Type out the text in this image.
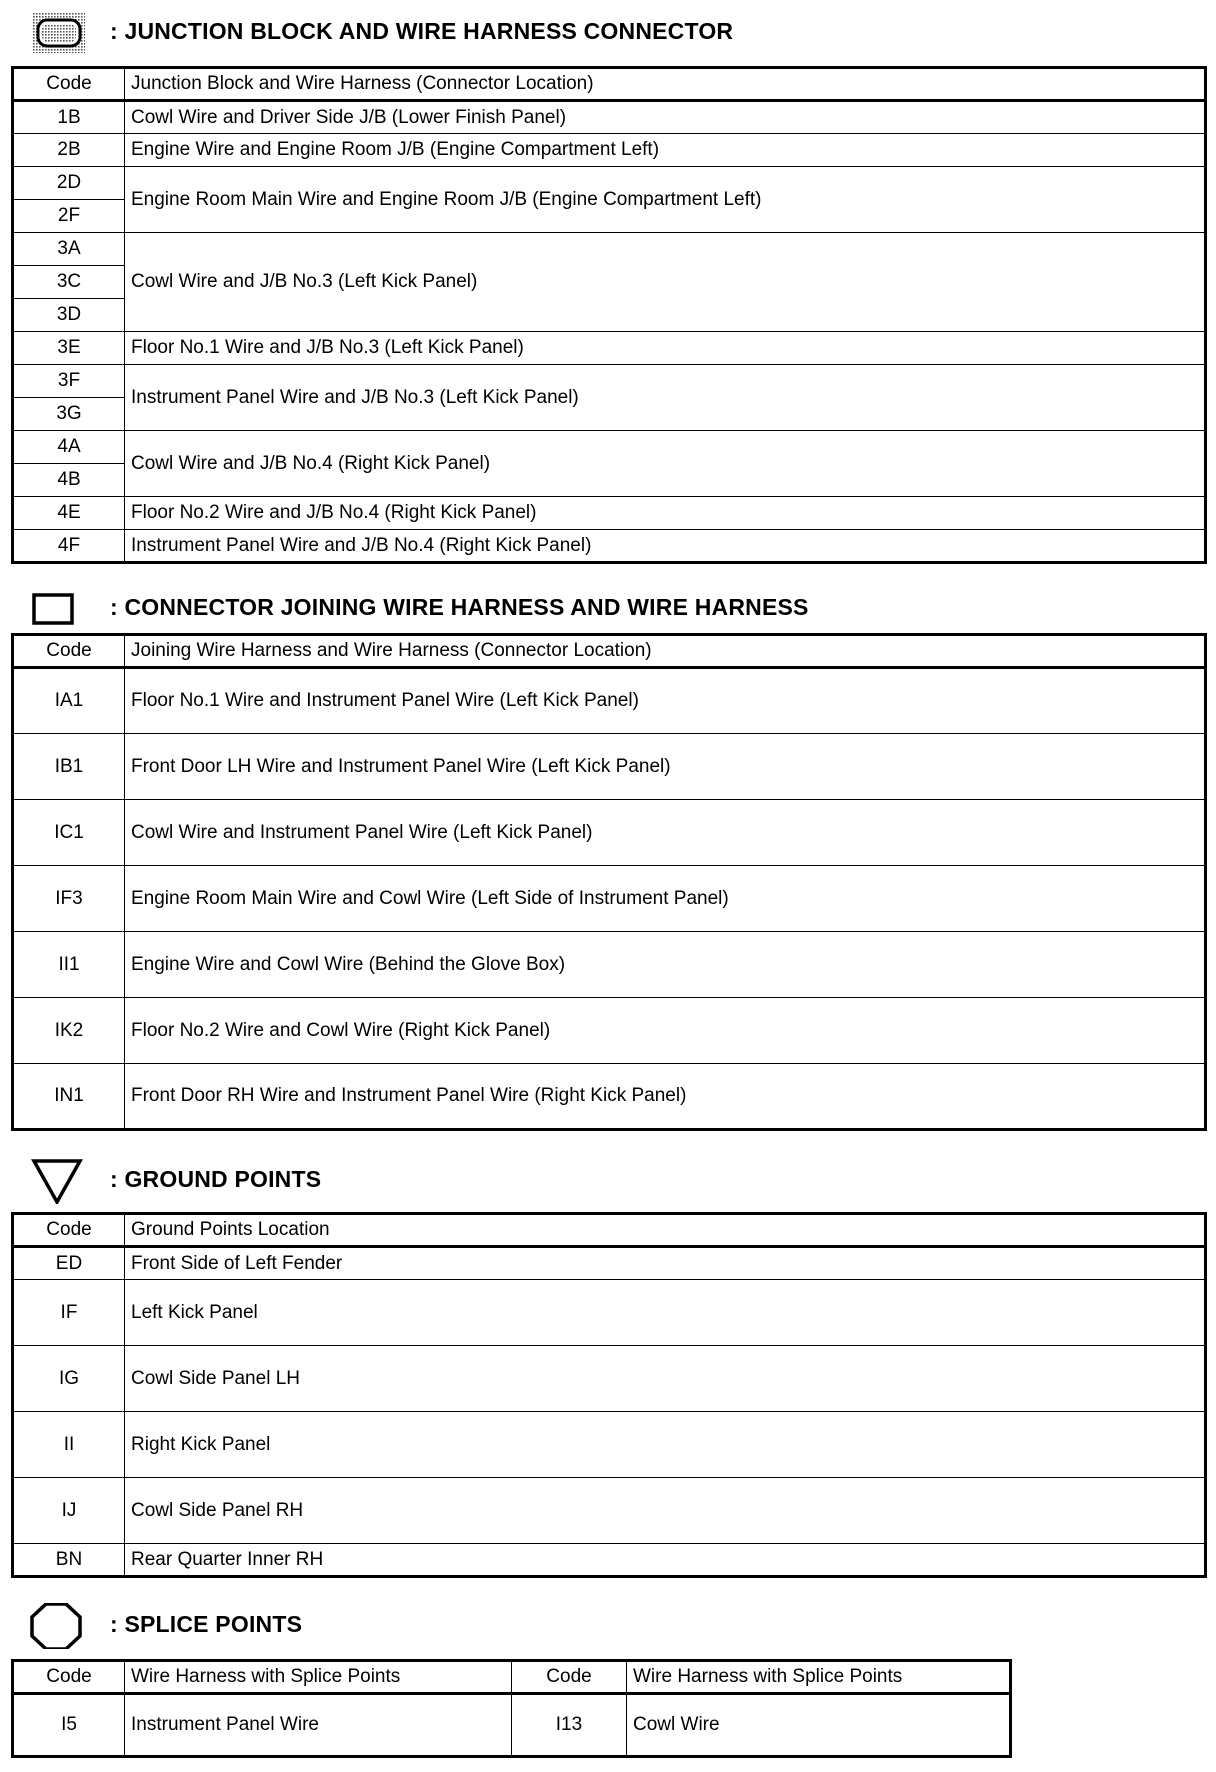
: JUNCTION BLOCK AND WIRE HARNESS CONNECTOR
Code	Junction Block and Wire Harness (Connector Location)
1B	Cowl Wire and Driver Side J/B (Lower Finish Panel)
2B	Engine Wire and Engine Room J/B (Engine Compartment Left)
2D	Engine Room Main Wire and Engine Room J/B (Engine Compartment Left)
2F	
3A	Cowl Wire and J/B No.3 (Left Kick Panel)
3C	
3D	
3E	Floor No.1 Wire and J/B No.3 (Left Kick Panel)
3F	Instrument Panel Wire and J/B No.3 (Left Kick Panel)
3G	
4A	Cowl Wire and J/B No.4 (Right Kick Panel)
4B	
4E	Floor No.2 Wire and J/B No.4 (Right Kick Panel)
4F	Instrument Panel Wire and J/B No.4 (Right Kick Panel)
: CONNECTOR JOINING WIRE HARNESS AND WIRE HARNESS
Code	Joining Wire Harness and Wire Harness (Connector Location)
IA1	Floor No.1 Wire and Instrument Panel Wire (Left Kick Panel)
IB1	Front Door LH Wire and Instrument Panel Wire (Left Kick Panel)
IC1	Cowl Wire and Instrument Panel Wire (Left Kick Panel)
IF3	Engine Room Main Wire and Cowl Wire (Left Side of Instrument Panel)
II1	Engine Wire and Cowl Wire (Behind the Glove Box)
IK2	Floor No.2 Wire and Cowl Wire (Right Kick Panel)
IN1	Front Door RH Wire and Instrument Panel Wire (Right Kick Panel)
: GROUND POINTS
Code	Ground Points Location
ED	Front Side of Left Fender
IF	Left Kick Panel
IG	Cowl Side Panel LH
II	Right Kick Panel
IJ	Cowl Side Panel RH
BN	Rear Quarter Inner RH
: SPLICE POINTS
Code	Wire Harness with Splice Points	Code	Wire Harness with Splice Points
I5	Instrument Panel Wire	I13	Cowl Wire
